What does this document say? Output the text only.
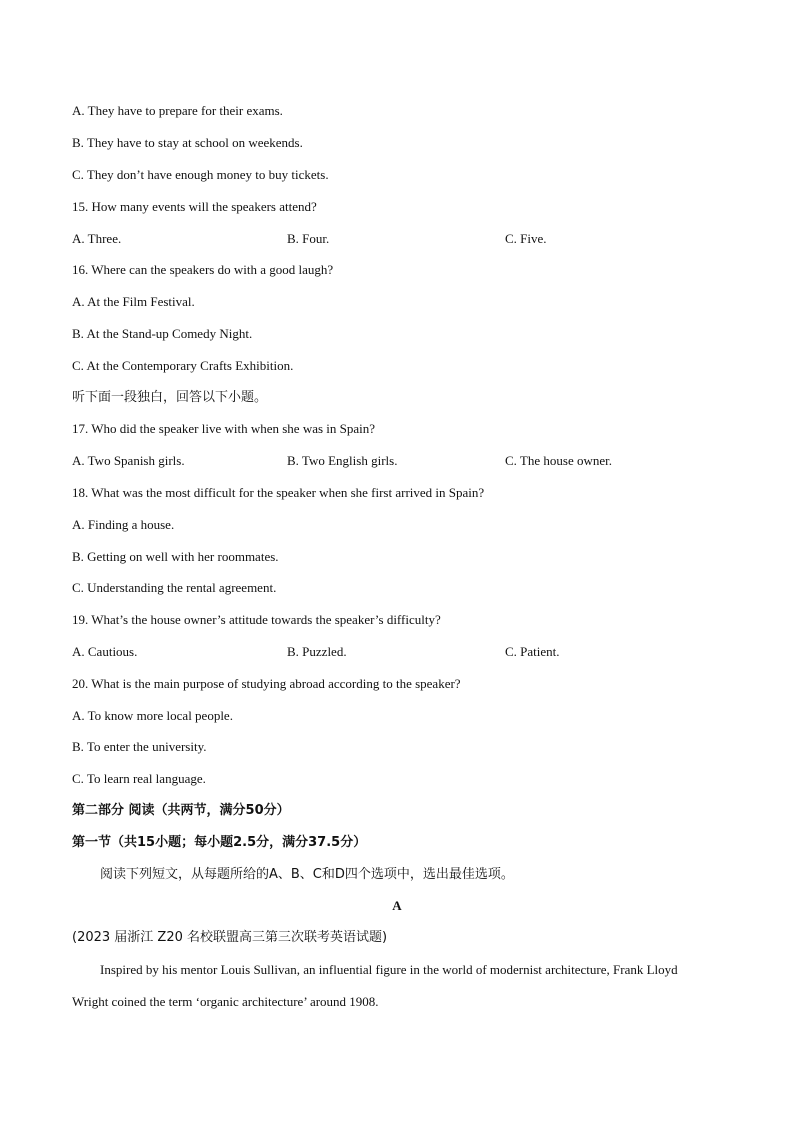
A. They have to prepare for their exams.
B. They have to stay at school on weekends.
C. They don’t have enough money to buy tickets.
15. How many events will the speakers attend?
A. Three.	B. Four.	C. Five.
16. Where can the speakers do with a good laugh?
A. At the Film Festival.
B. At the Stand-up Comedy Night.
C. At the Contemporary Crafts Exhibition.
听下面一段独白，回答以下小题。
17. Who did the speaker live with when she was in Spain?
A. Two Spanish girls.	B. Two English girls.	C. The house owner.
18. What was the most difficult for the speaker when she first arrived in Spain?
A. Finding a house.
B. Getting on well with her roommates.
C. Understanding the rental agreement.
19. What’s the house owner’s attitude towards the speaker’s difficulty?
A. Cautious.	B. Puzzled.	C. Patient.
20. What is the main purpose of studying abroad according to the speaker?
A. To know more local people.
B. To enter the university.
C. To learn real language.
第二部分 阅读（共两节，满分50分）
第一节（共15小题；每小题2.5分，满分37.5分）
阅读下列短文，从每题所给的A、B、C和D四个选项中，选出最佳选项。
A
(2023 届浙江 Z20 名校联盟高三第三次联考英语试题)
Inspired by his mentor Louis Sullivan, an influential figure in the world of modernist architecture, Frank Lloyd
Wright coined the term ‘organic architecture’ around 1908.
